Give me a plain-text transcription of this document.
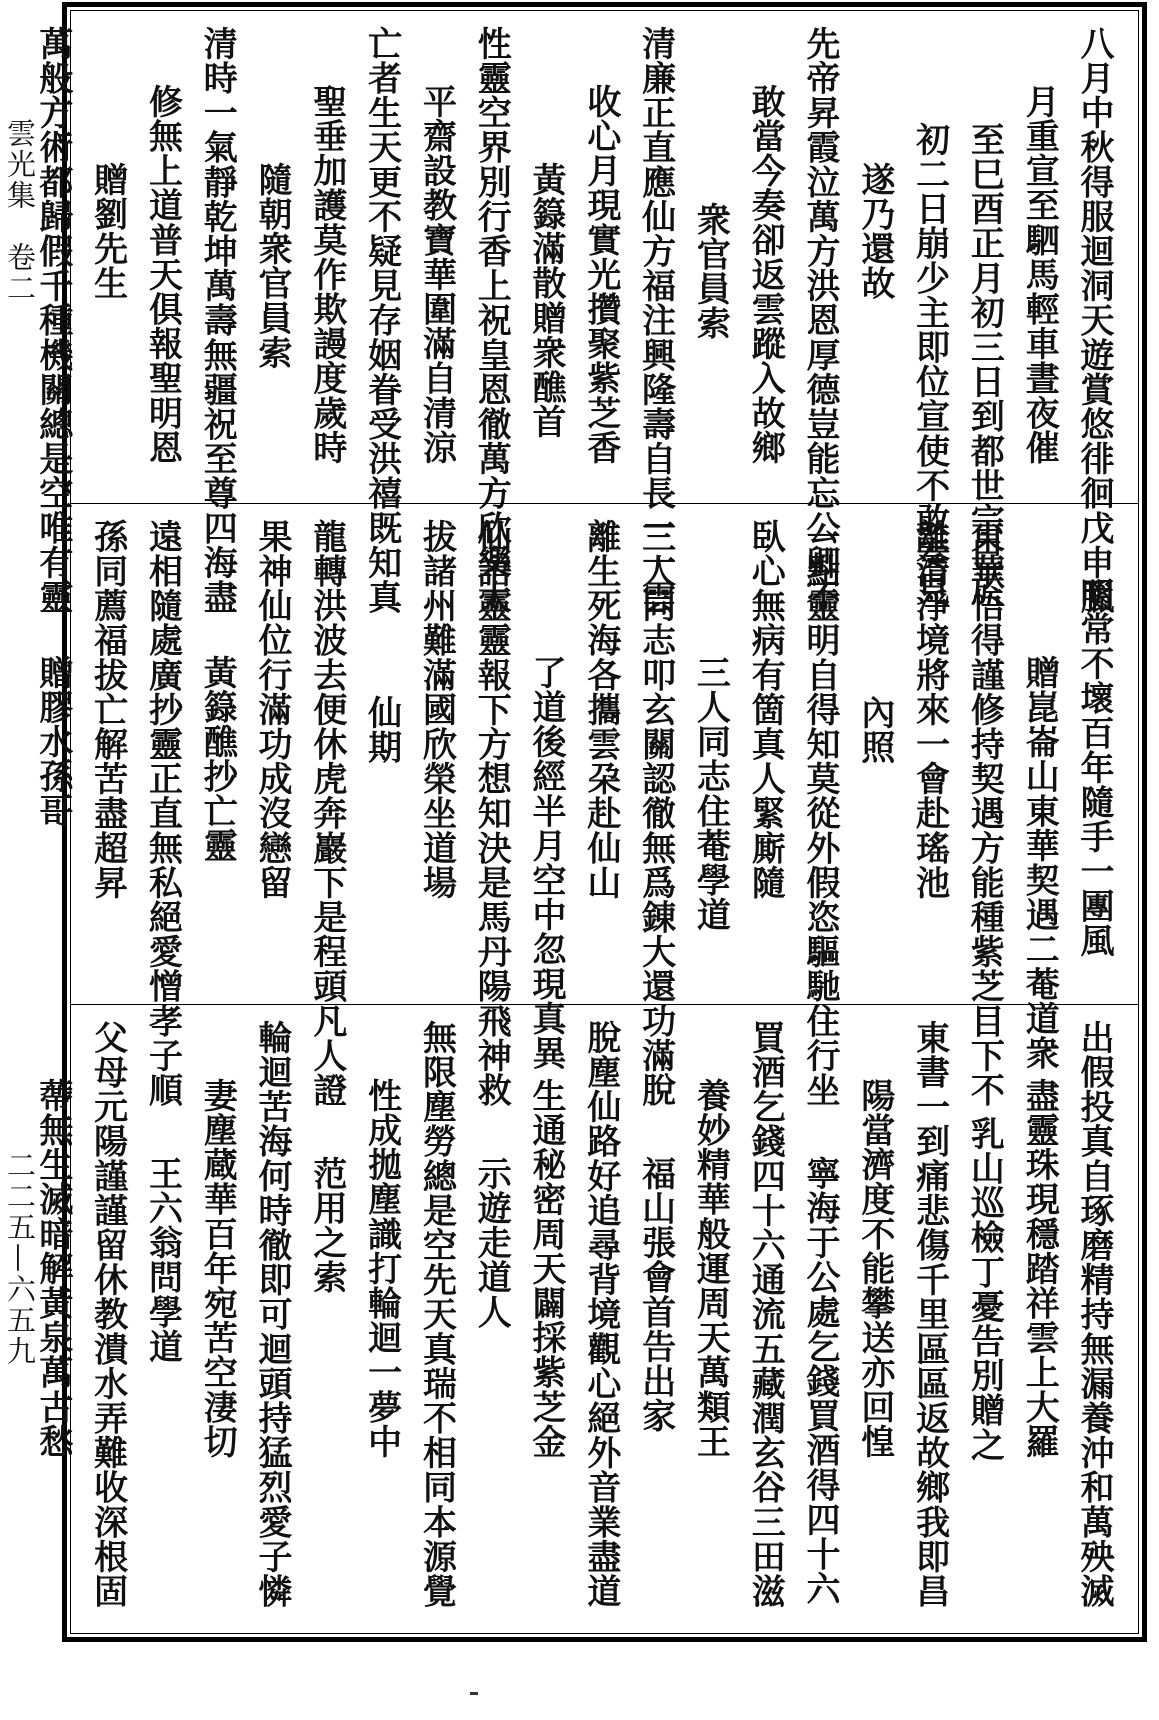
雲光集　卷二
二二五—六五九
八月中秋得服迴洞天遊賞悠徘徊戊申臘
月重宣至駟馬輕車晝夜催
至巳酉正月初三日到都世宗巳於
初二日崩少主即位宣使不敢奏見
遂乃還故
先帝昇霞泣萬方洪恩厚德豈能忘公卿不
敢當今奏卻返雲蹤入故鄉
衆官員索
清廉正直應仙方福注興隆壽自長一一雲
收心月現實光攢聚紫芝香
黃籙滿散贈衆醮首
性靈空界別行香上祝皇恩徹萬方欣樂太
平齋設教寶華圍滿自清涼
亡者生天更不疑見存姻眷受洪禧既知真
聖垂加護莫作欺謾度歲時
隨朝衆官員索
清時一氣靜乾坤萬壽無疆祝至尊四海盡
修無上道普天俱報聖明恩
贈劉先生
萬般方術都歸假千種機關總是空唯有靈
明常不壞百年隨手一團風
贈崑崙山東華契遇二菴道衆
東華悟得謹修持契遇方能種紫芝目下不
離清淨境將來一會赴瑤池
內照
一點靈明自得知莫從外假恣驅馳住行坐
臥心無病有箇真人緊廝隨
三人同志住菴學道
三人同志叩玄關認徹無爲錬大還功滿脫
離生死海各攜雲朶赴仙山
了道後經半月空中忽現真異
仙語靈靈報下方想知決是馬丹陽飛神救
拔諸州難滿國欣榮坐道場
仙期
龍轉洪波去便休虎奔巖下是程頭凡人證
果神仙位行滿功成沒戀留
黃籙醮抄亡靈
遠相隨處廣抄靈正直無私絕愛憎孝子順
孫同薦福拔亡解苦盡超昇
贈膠水孫哥
出假投真自琢磨精持無漏養沖和萬殃滅
盡靈珠現穩踏祥雲上大羅
乳山巡檢丁憂告別贈之
東書一到痛悲傷千里區區返故鄉我即昌
陽當濟度不能攀送亦回惶
寧海于公處乞錢買酒得四十六
買酒乞錢四十六通流五藏潤玄谷三田滋
養妙精華般運周天萬類王
福山張會首告出家
脫塵仙路好追尋背境觀心絕外音業盡道
生通秘密周天闢採紫芝金
示遊走道人
無限塵勞總是空先天真瑞不相同本源覺
性成拋塵識打輪迴一夢中
范用之索
輪迴苦海何時徹即可迴頭持猛烈愛子憐
妻塵蔵華百年宛苦空淒切
王六翁問學道
父母元陽謹謹留休教潰水弄難收深根固
蔕無生滅暗解黃泉萬古愁
